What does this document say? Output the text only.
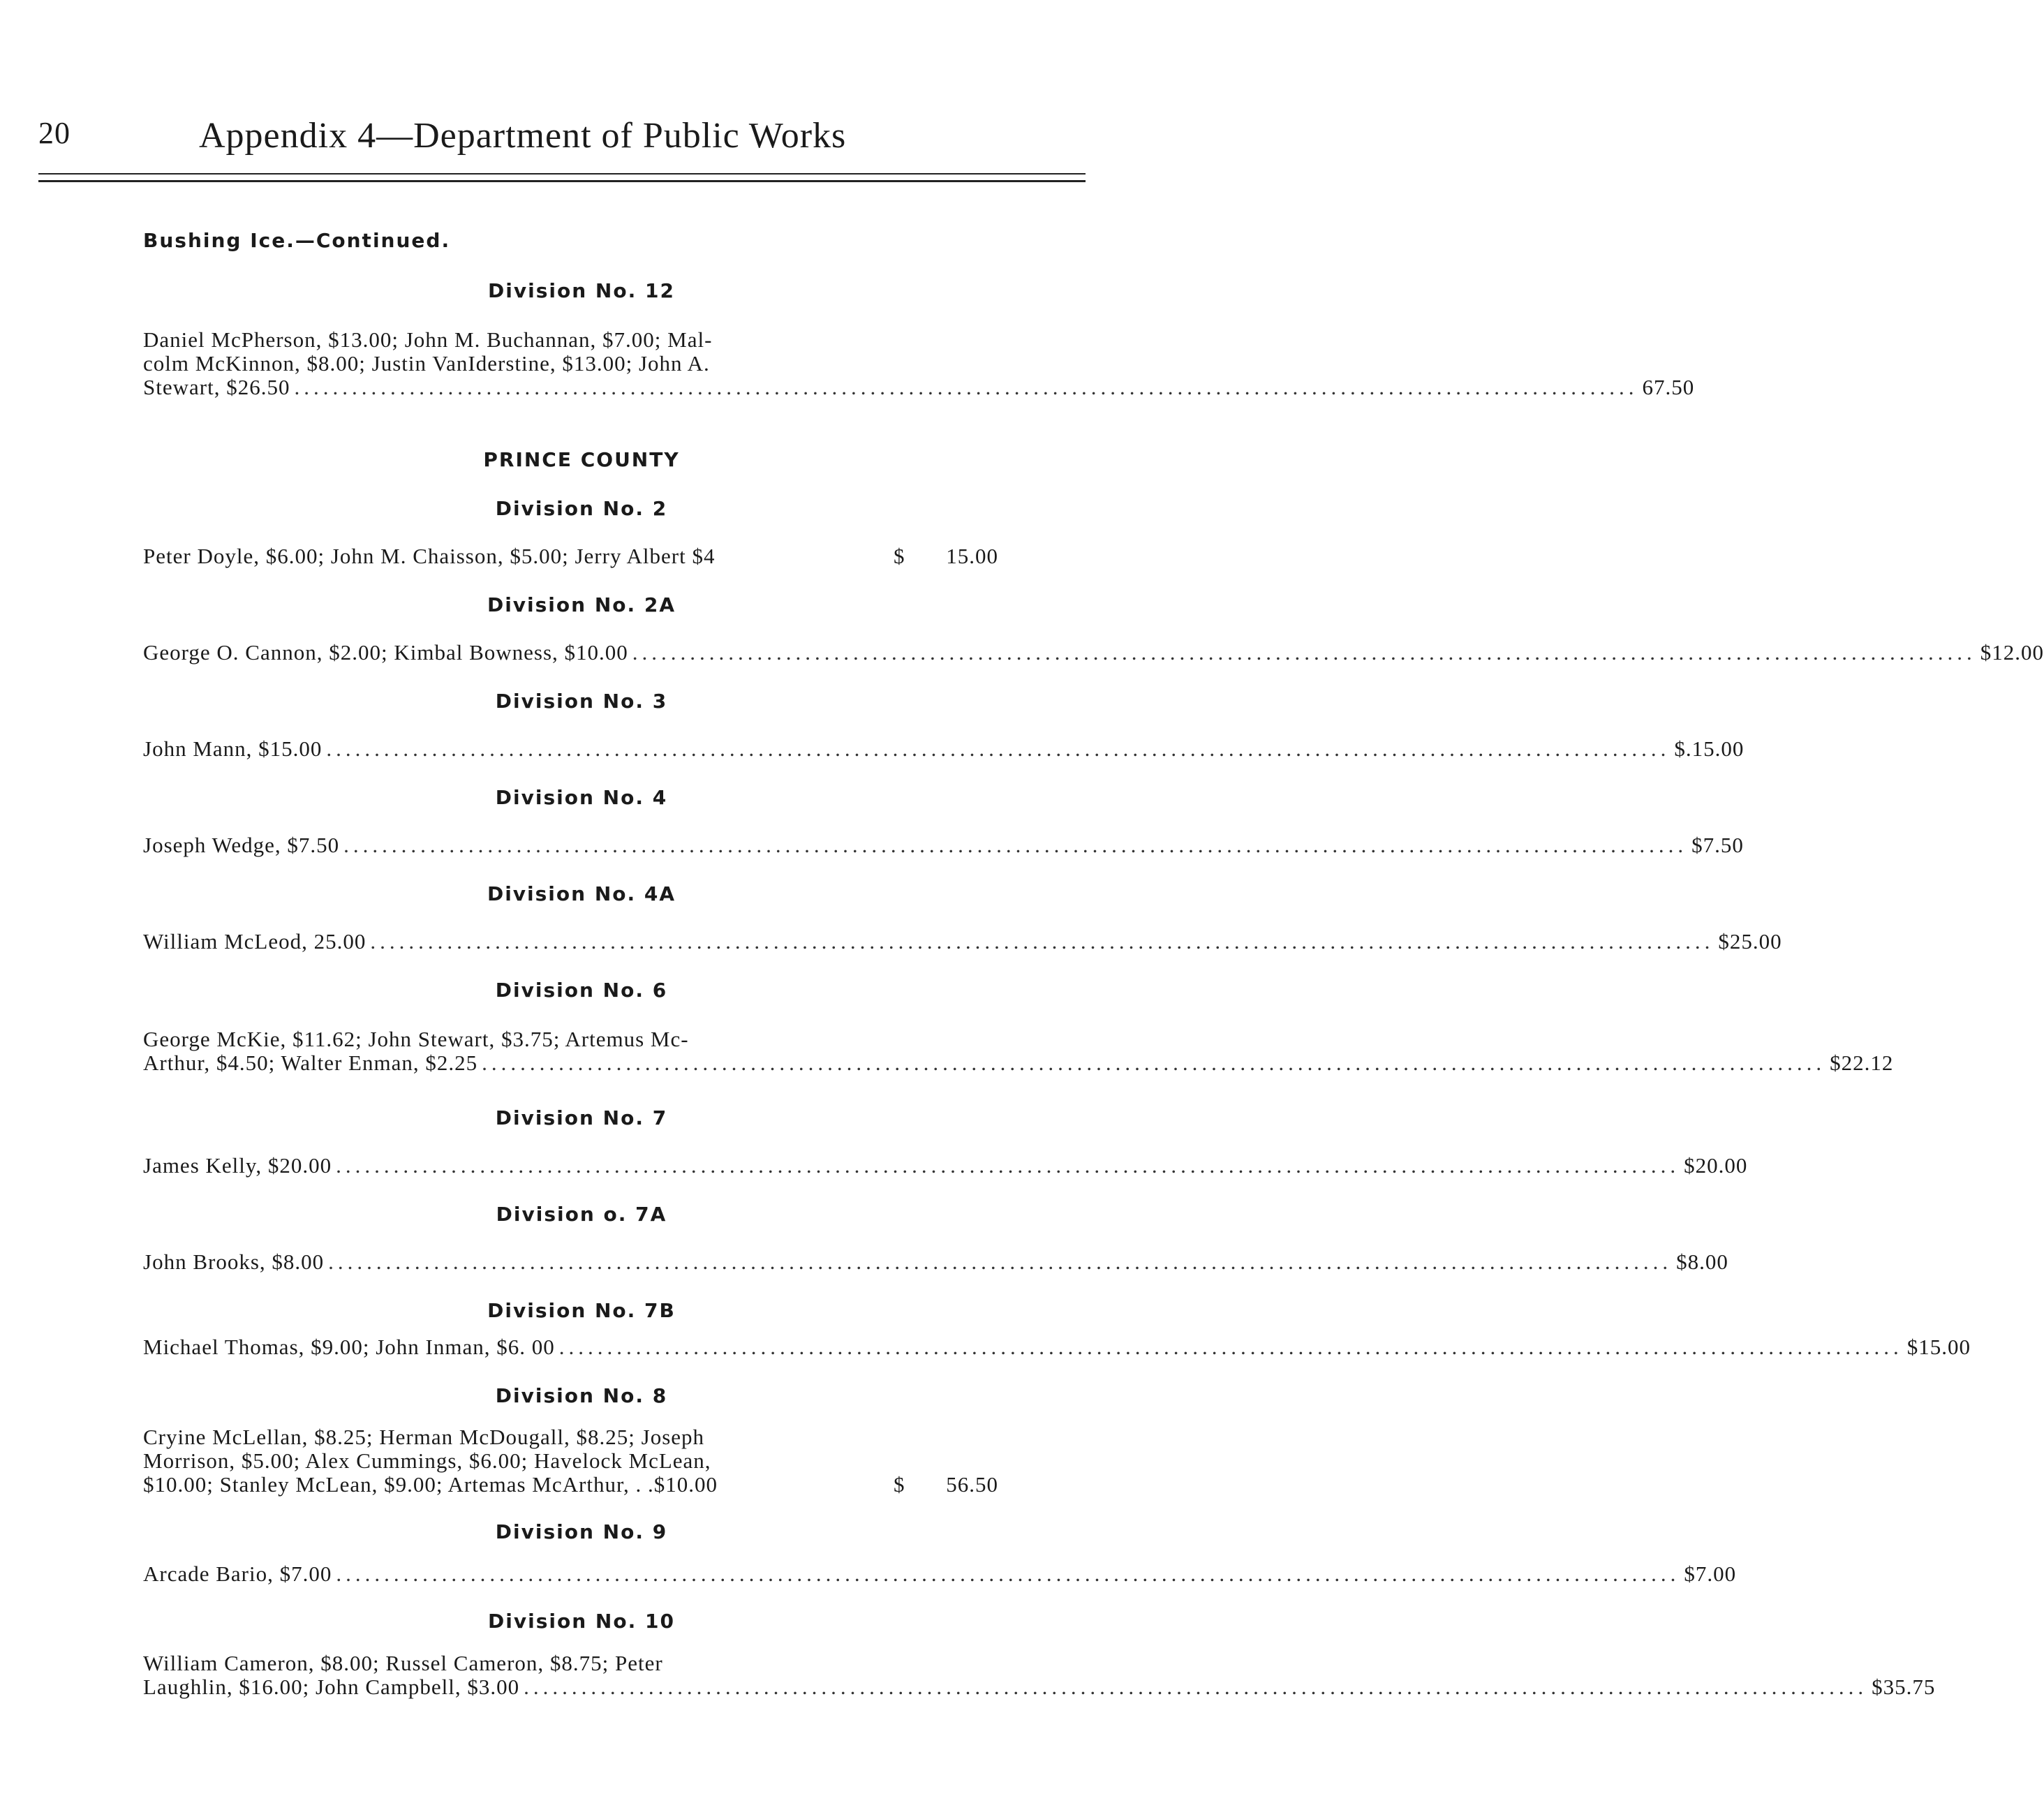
20	Appendix 4—Department of Public Works
Bushing Ice.—Continued.
Division No. 12
Daniel McPherson, $13.00; John M. Buchannan, $7.00; Mal-
colm McKinnon, $8.00; Justin VanIderstine, $13.00; John A.
Stewart, $26.50 ............................................................................................................................................ 67.50
PRINCE COUNTY
Division No. 2
Peter Doyle, $6.00; John M. Chaisson, $5.00; Jerry Albert $4	$	15.00
Division No. 2A
George O. Cannon, $2.00; Kimbal Bowness, $10.00 ............................................................................................................................................ $ 12.00
Division No. 3
John Mann, $15.00 ............................................................................................................................................ $. 15.00
Division No. 4
Joseph Wedge, $7.50 ............................................................................................................................................ $ 7.50
Division No. 4A
William McLeod, 25.00 ............................................................................................................................................ $ 25.00
Division No. 6
George McKie, $11.62; John Stewart, $3.75; Artemus Mc-
Arthur, $4.50; Walter Enman, $2.25 ............................................................................................................................................ $ 22.12
Division No. 7
James Kelly, $20.00 ............................................................................................................................................ $ 20.00
Division o. 7A
John Brooks, $8.00 ............................................................................................................................................ $ 8.00
Division No. 7B
Michael Thomas, $9.00; John Inman, $6. 00 ............................................................................................................................................ $ 15.00
Division No. 8
Cryine McLellan, $8.25; Herman McDougall, $8.25; Joseph
Morrison, $5.00; Alex Cummings, $6.00; Havelock McLean,
$10.00; Stanley McLean, $9.00; Artemas McArthur, . .$10.00	$	56.50
Division No. 9
Arcade Bario, $7.00 ............................................................................................................................................ $ 7.00
Division No. 10
William Cameron, $8.00; Russel Cameron, $8.75; Peter
Laughlin, $16.00; John Campbell, $3.00 ............................................................................................................................................ $ 35.75
